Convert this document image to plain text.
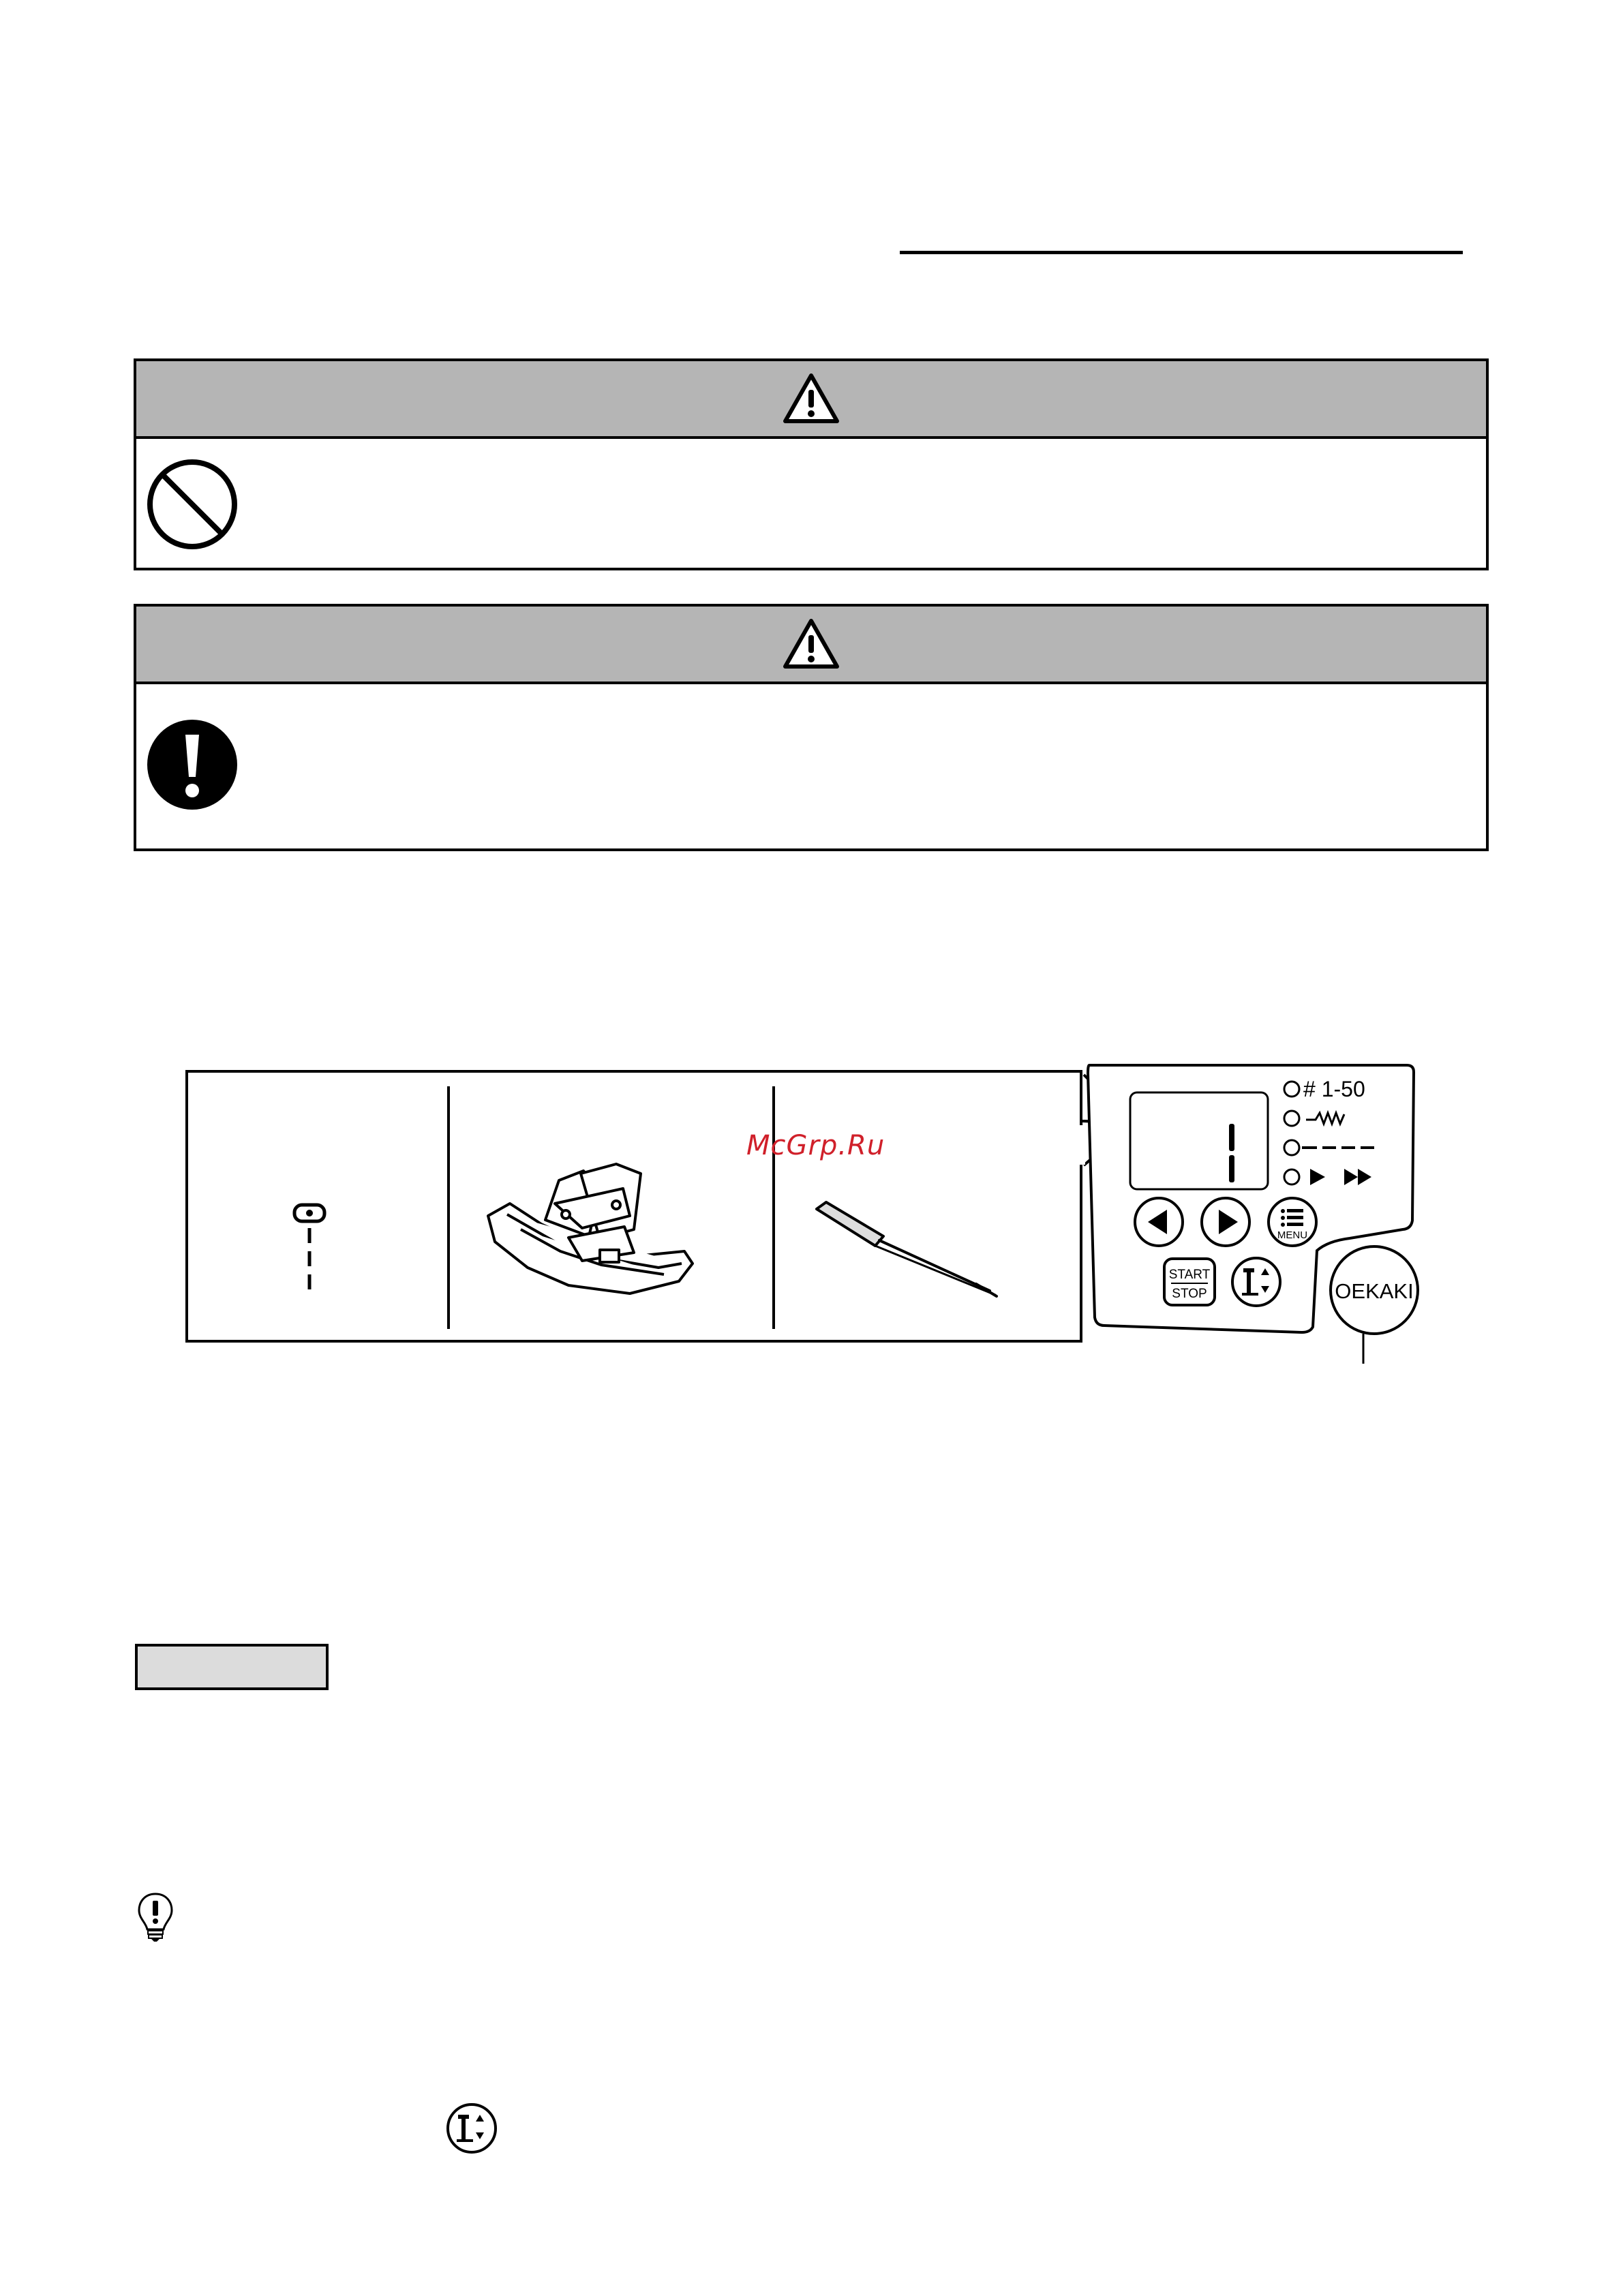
McGrp.Ru
# 1-50
MENU
START
STOP	OEKAKI
